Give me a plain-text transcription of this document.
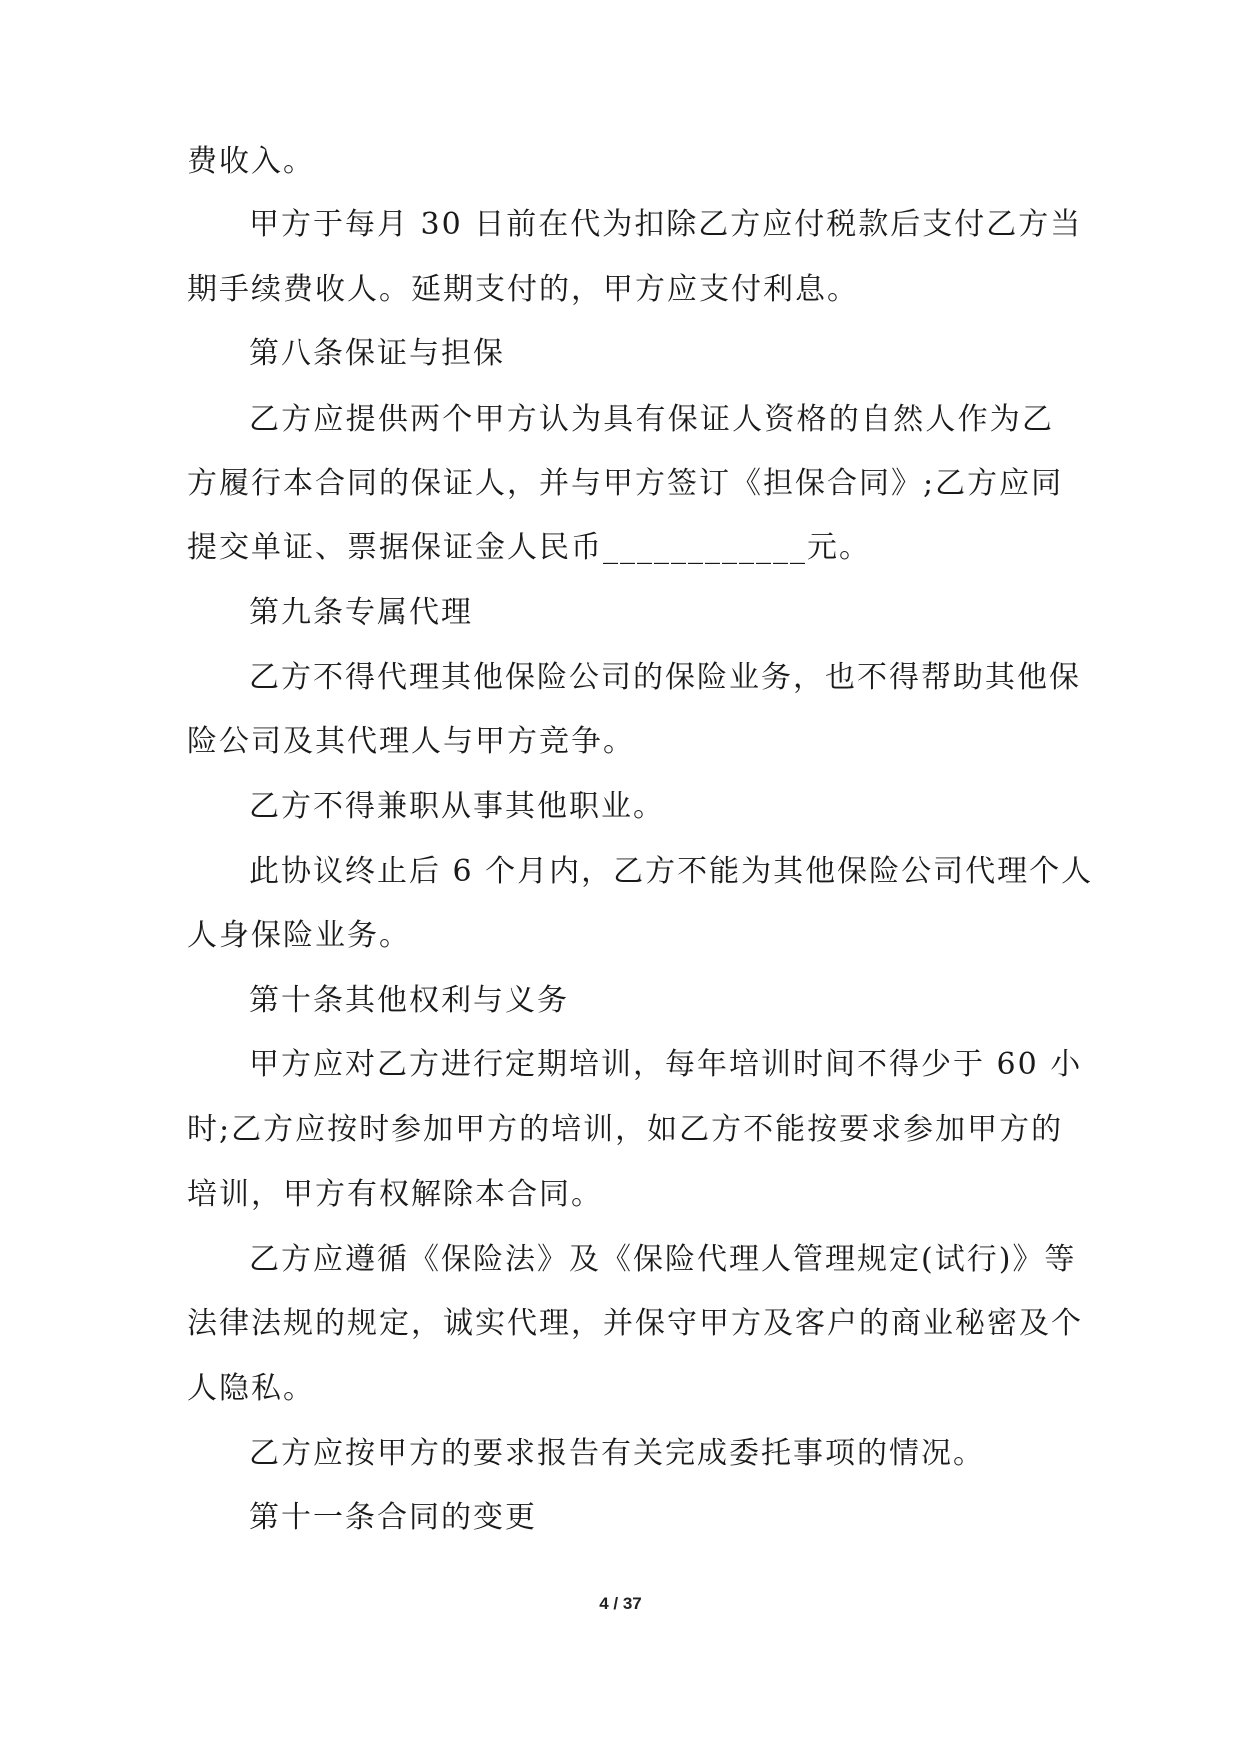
费收入。
甲方于每月 30 日前在代为扣除乙方应付税款后支付乙方当
期手续费收人。延期支付的，甲方应支付利息。
第八条保证与担保
乙方应提供两个甲方认为具有保证人资格的自然人作为乙
方履行本合同的保证人，并与甲方签订《担保合同》;乙方应同
提交单证、票据保证金人民币____________元。
第九条专属代理
乙方不得代理其他保险公司的保险业务，也不得帮助其他保
险公司及其代理人与甲方竞争。
乙方不得兼职从事其他职业。
此协议终止后 6 个月内，乙方不能为其他保险公司代理个人
人身保险业务。
第十条其他权利与义务
甲方应对乙方进行定期培训，每年培训时间不得少于 60 小
时;乙方应按时参加甲方的培训，如乙方不能按要求参加甲方的
培训，甲方有权解除本合同。
乙方应遵循《保险法》及《保险代理人管理规定(试行)》等
法律法规的规定，诚实代理，并保守甲方及客户的商业秘密及个
人隐私。
乙方应按甲方的要求报告有关完成委托事项的情况。
第十一条合同的变更
4 / 37
